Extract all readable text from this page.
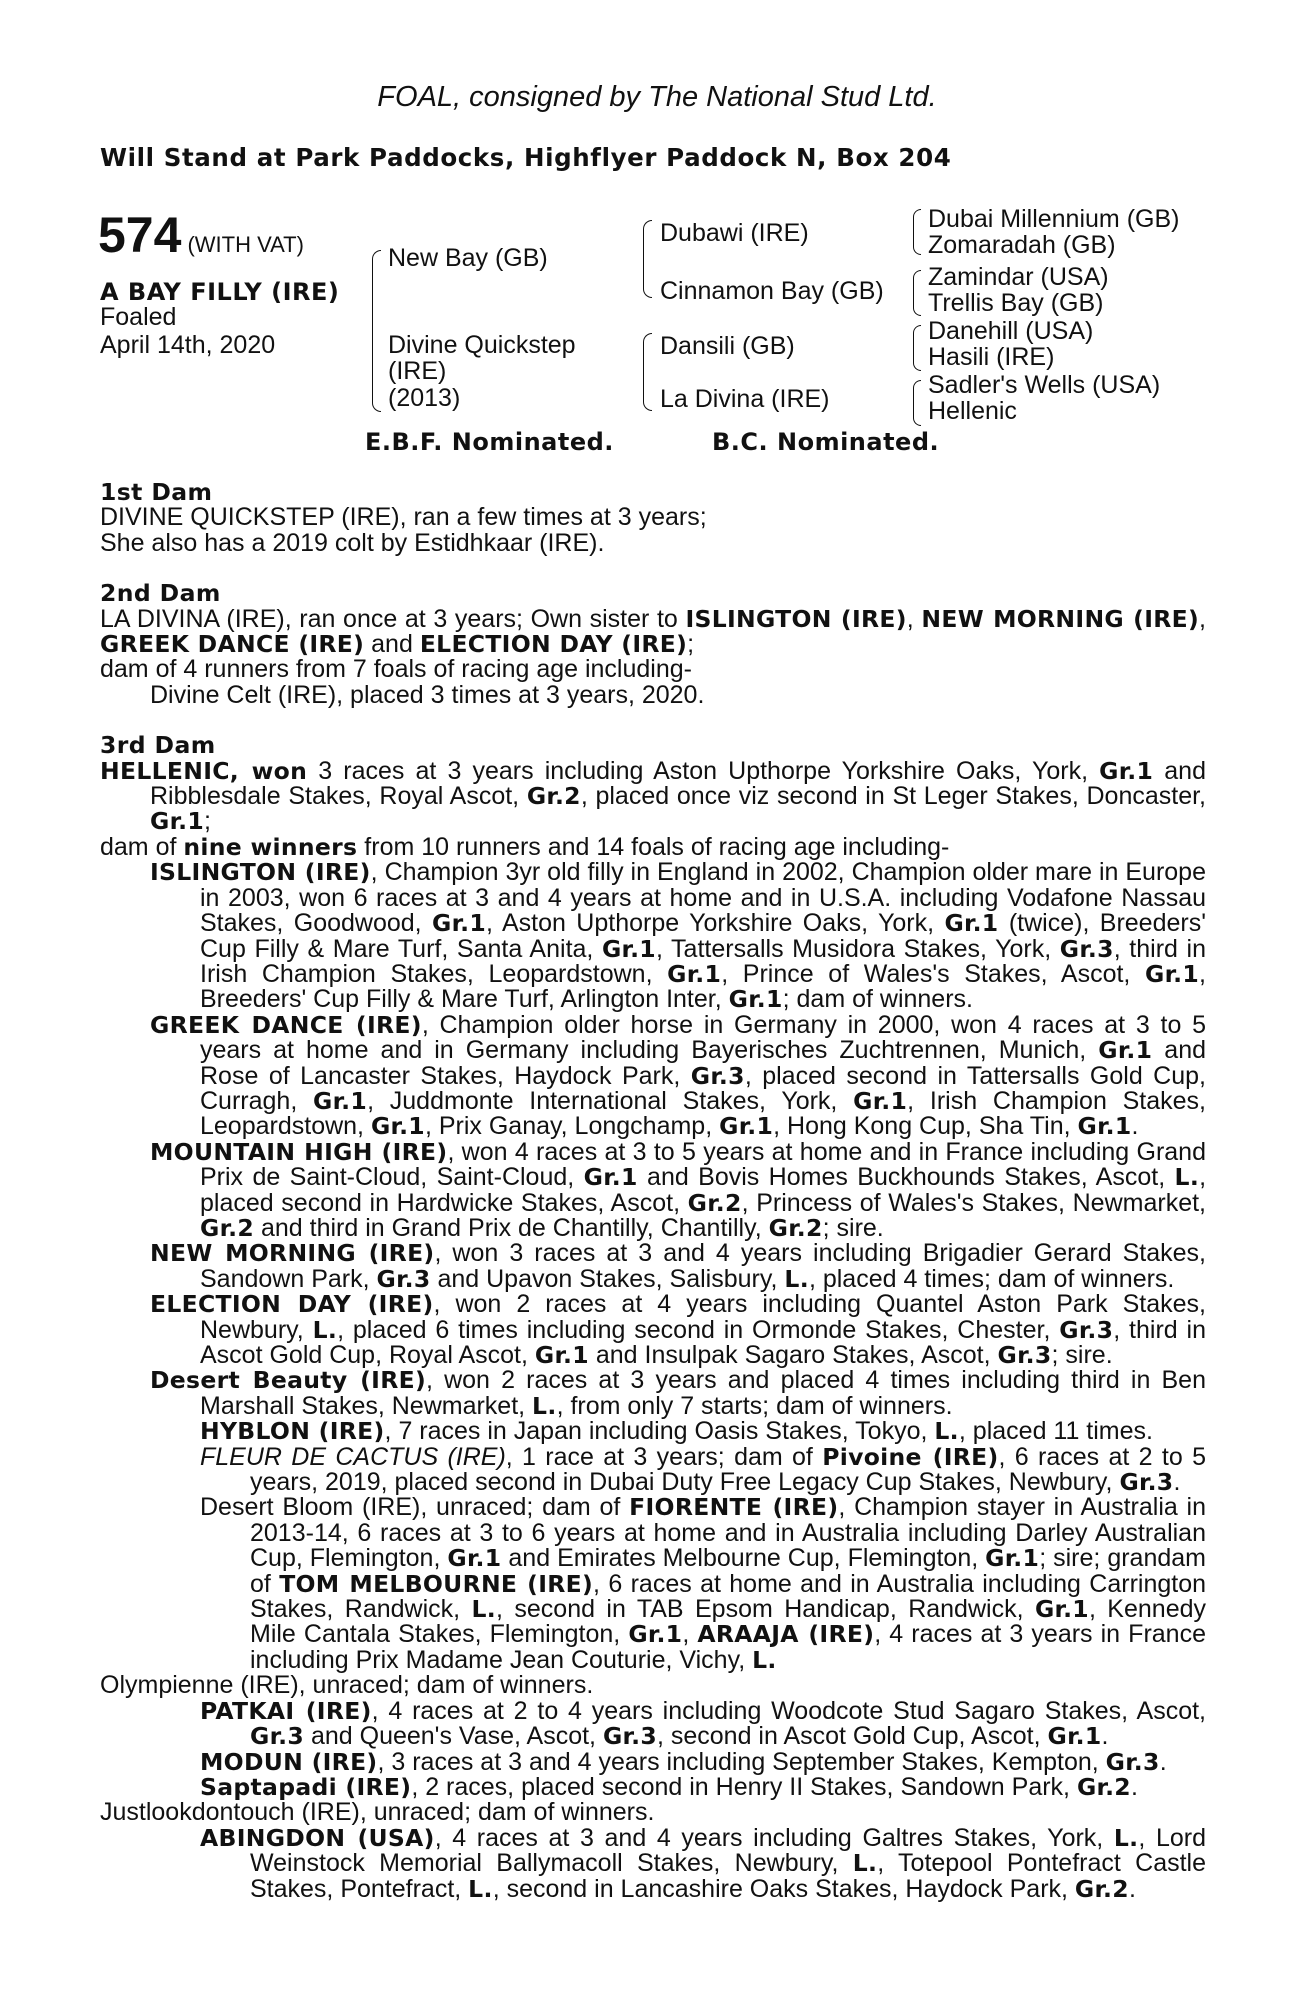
FOAL, consigned by The National Stud Ltd.
Will Stand at Park Paddocks, Highflyer Paddock N, Box 204
574 (WITH VAT)
A BAY FILLY (IRE)
Foaled
April 14th, 2020
New Bay (GB)
Divine Quickstep
(IRE)
(2013)
Dubawi (IRE)
Cinnamon Bay (GB)
Dansili (GB)
La Divina (IRE)
Dubai Millennium (GB)
Zomaradah (GB)
Zamindar (USA)
Trellis Bay (GB)
Danehill (USA)
Hasili (IRE)
Sadler's Wells (USA)
Hellenic
E.B.F. Nominated.	B.C. Nominated.
1st Dam
DIVINE QUICKSTEP (IRE), ran a few times at 3 years;
She also has a 2019 colt by Estidhkaar (IRE).
2nd Dam
LA DIVINA (IRE), ran once at 3 years; Own sister to ISLINGTON (IRE), NEW MORNING (IRE), GREEK DANCE (IRE) and ELECTION DAY (IRE);
dam of 4 runners from 7 foals of racing age including-
Divine Celt (IRE), placed 3 times at 3 years, 2020.
3rd Dam
HELLENIC, won 3 races at 3 years including Aston Upthorpe Yorkshire Oaks, York, Gr.1 and Ribblesdale Stakes, Royal Ascot, Gr.2, placed once viz second in St Leger Stakes, Doncaster, Gr.1;
dam of nine winners from 10 runners and 14 foals of racing age including-
ISLINGTON (IRE), Champion 3yr old filly in England in 2002, Champion older mare in Europe in 2003, won 6 races at 3 and 4 years at home and in U.S.A. including Vodafone Nassau Stakes, Goodwood, Gr.1, Aston Upthorpe Yorkshire Oaks, York, Gr.1 (twice), Breeders' Cup Filly & Mare Turf, Santa Anita, Gr.1, Tattersalls Musidora Stakes, York, Gr.3, third in Irish Champion Stakes, Leopardstown, Gr.1, Prince of Wales's Stakes, Ascot, Gr.1, Breeders' Cup Filly & Mare Turf, Arlington Inter, Gr.1; dam of winners.
GREEK DANCE (IRE), Champion older horse in Germany in 2000, won 4 races at 3 to 5 years at home and in Germany including Bayerisches Zuchtrennen, Munich, Gr.1 and Rose of Lancaster Stakes, Haydock Park, Gr.3, placed second in Tattersalls Gold Cup, Curragh, Gr.1, Juddmonte International Stakes, York, Gr.1, Irish Champion Stakes, Leopardstown, Gr.1, Prix Ganay, Longchamp, Gr.1, Hong Kong Cup, Sha Tin, Gr.1.
MOUNTAIN HIGH (IRE), won 4 races at 3 to 5 years at home and in France including Grand Prix de Saint-Cloud, Saint-Cloud, Gr.1 and Bovis Homes Buckhounds Stakes, Ascot, L., placed second in Hardwicke Stakes, Ascot, Gr.2, Princess of Wales's Stakes, Newmarket, Gr.2 and third in Grand Prix de Chantilly, Chantilly, Gr.2; sire.
NEW MORNING (IRE), won 3 races at 3 and 4 years including Brigadier Gerard Stakes, Sandown Park, Gr.3 and Upavon Stakes, Salisbury, L., placed 4 times; dam of winners.
ELECTION DAY (IRE), won 2 races at 4 years including Quantel Aston Park Stakes, Newbury, L., placed 6 times including second in Ormonde Stakes, Chester, Gr.3, third in Ascot Gold Cup, Royal Ascot, Gr.1 and Insulpak Sagaro Stakes, Ascot, Gr.3; sire.
Desert Beauty (IRE), won 2 races at 3 years and placed 4 times including third in Ben Marshall Stakes, Newmarket, L., from only 7 starts; dam of winners.
HYBLON (IRE), 7 races in Japan including Oasis Stakes, Tokyo, L., placed 11 times.
FLEUR DE CACTUS (IRE), 1 race at 3 years; dam of Pivoine (IRE), 6 races at 2 to 5 years, 2019, placed second in Dubai Duty Free Legacy Cup Stakes, Newbury, Gr.3.
Desert Bloom (IRE), unraced; dam of FIORENTE (IRE), Champion stayer in Australia in 2013-14, 6 races at 3 to 6 years at home and in Australia including Darley Australian Cup, Flemington, Gr.1 and Emirates Melbourne Cup, Flemington, Gr.1; sire; grandam of TOM MELBOURNE (IRE), 6 races at home and in Australia including Carrington Stakes, Randwick, L., second in TAB Epsom Handicap, Randwick, Gr.1, Kennedy Mile Cantala Stakes, Flemington, Gr.1, ARAAJA (IRE), 4 races at 3 years in France including Prix Madame Jean Couturie, Vichy, L.
Olympienne (IRE), unraced; dam of winners.
PATKAI (IRE), 4 races at 2 to 4 years including Woodcote Stud Sagaro Stakes, Ascot, Gr.3 and Queen's Vase, Ascot, Gr.3, second in Ascot Gold Cup, Ascot, Gr.1.
MODUN (IRE), 3 races at 3 and 4 years including September Stakes, Kempton, Gr.3.
Saptapadi (IRE), 2 races, placed second in Henry II Stakes, Sandown Park, Gr.2.
Justlookdontouch (IRE), unraced; dam of winners.
ABINGDON (USA), 4 races at 3 and 4 years including Galtres Stakes, York, L., Lord Weinstock Memorial Ballymacoll Stakes, Newbury, L., Totepool Pontefract Castle Stakes, Pontefract, L., second in Lancashire Oaks Stakes, Haydock Park, Gr.2.
